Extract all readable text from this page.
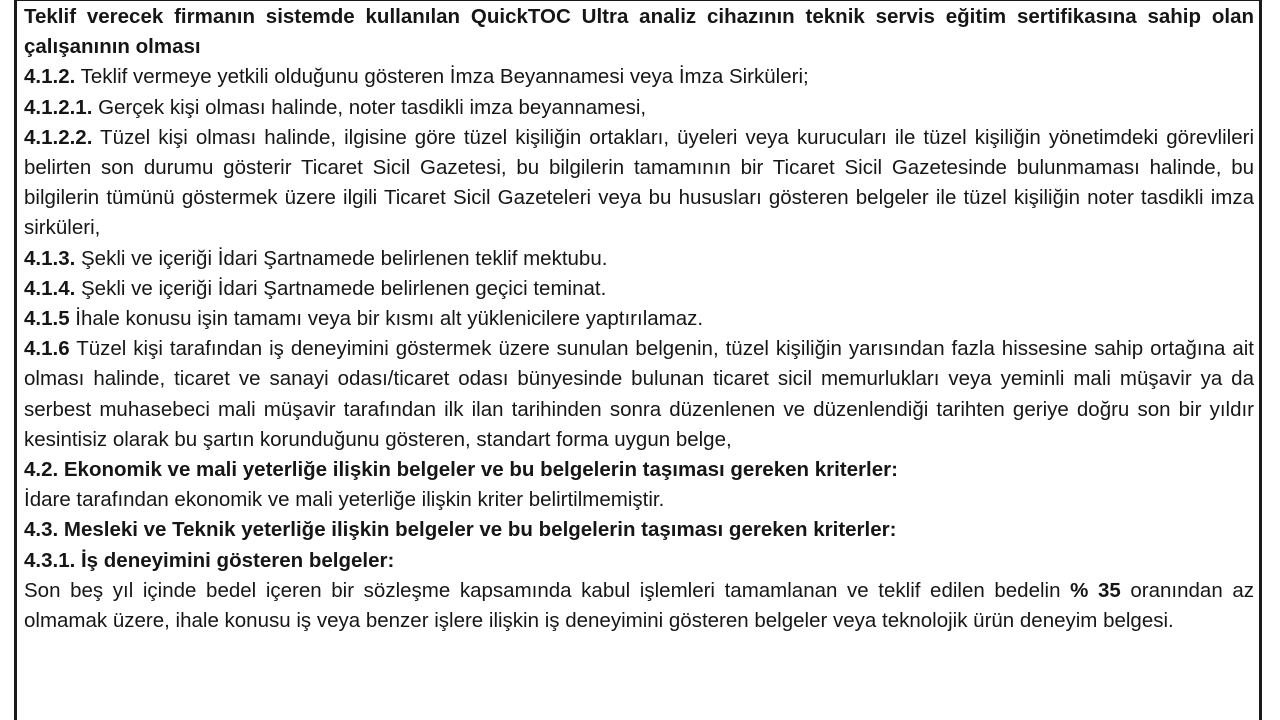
Teklif verecek firmanın sistemde kullanılan QuickTOC Ultra analiz cihazının teknik servis eğitim sertifikasına sahip olan çalışanının olması

4.1.2. Teklif vermeye yetkili olduğunu gösteren İmza Beyannamesi veya İmza Sirküleri;

4.1.2.1. Gerçek kişi olması halinde, noter tasdikli imza beyannamesi,

4.1.2.2. Tüzel kişi olması halinde, ilgisine göre tüzel kişiliğin ortakları, üyeleri veya kurucuları ile tüzel kişiliğin yönetimdeki görevlileri belirten son durumu gösterir Ticaret Sicil Gazetesi, bu bilgilerin tamamının bir Ticaret Sicil Gazetesinde bulunmaması halinde, bu bilgilerin tümünü göstermek üzere ilgili Ticaret Sicil Gazeteleri veya bu hususları gösteren belgeler ile tüzel kişiliğin noter tasdikli imza sirküleri,

4.1.3. Şekli ve içeriği İdari Şartnamede belirlenen teklif mektubu.

4.1.4. Şekli ve içeriği İdari Şartnamede belirlenen geçici teminat.

4.1.5 İhale konusu işin tamamı veya bir kısmı alt yüklenicilere yaptırılamaz.

4.1.6 Tüzel kişi tarafından iş deneyimini göstermek üzere sunulan belgenin, tüzel kişiliğin yarısından fazla hissesine sahip ortağına ait olması halinde, ticaret ve sanayi odası/ticaret odası bünyesinde bulunan ticaret sicil memurlukları veya yeminli mali müşavir ya da serbest muhasebeci mali müşavir tarafından ilk ilan tarihinden sonra düzenlenen ve düzenlendiği tarihten geriye doğru son bir yıldır kesintisiz olarak bu şartın korunduğunu gösteren, standart forma uygun belge,

4.2. Ekonomik ve mali yeterliğe ilişkin belgeler ve bu belgelerin taşıması gereken kriterler:

İdare tarafından ekonomik ve mali yeterliğe ilişkin kriter belirtilmemiştir.

4.3. Mesleki ve Teknik yeterliğe ilişkin belgeler ve bu belgelerin taşıması gereken kriterler:

4.3.1. İş deneyimini gösteren belgeler:

Son beş yıl içinde bedel içeren bir sözleşme kapsamında kabul işlemleri tamamlanan ve teklif edilen bedelin % 35 oranından az olmamak üzere, ihale konusu iş veya benzer işlere ilişkin iş deneyimini gösteren belgeler veya teknolojik ürün deneyim belgesi.
